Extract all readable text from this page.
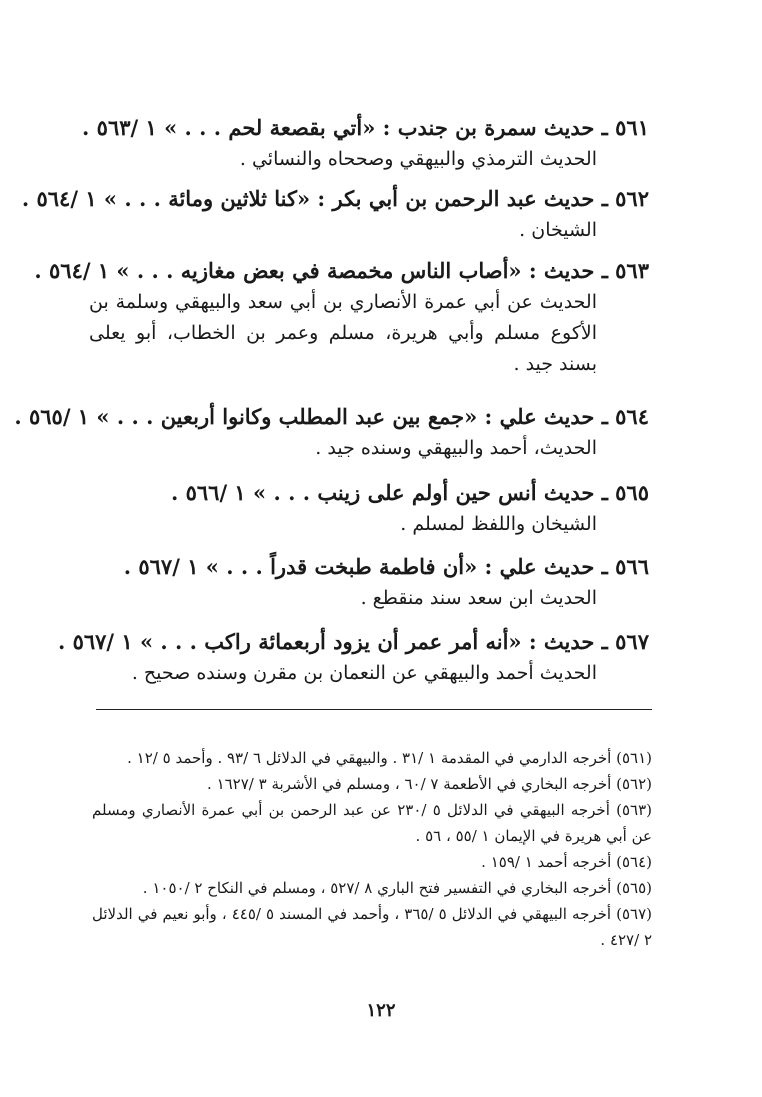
٥٦١ ـ حديث سمرة بن جندب : «أتي بقصعة لحم . . . » ١ /٥٦٣ .
الحديث الترمذي والبيهقي وصححاه والنسائي .
٥٦٢ ـ حديث عبد الرحمن بن أبي بكر : «كنا ثلاثين ومائة . . . » ١ /٥٦٤ .
الشيخان .
٥٦٣ ـ حديث : «أصاب الناس مخمصة في بعض مغازيه . . . » ١ /٥٦٤ .
الحديث عن أبي عمرة الأنصاري بن أبي سعد والبيهقي وسلمة بن الأكوع مسلم وأبي هريرة، مسلم وعمر بن الخطاب، أبو يعلى بسند جيد .
٥٦٤ ـ حديث علي : «جمع بين عبد المطلب وكانوا أربعين . . . » ١ /٥٦٥ .
الحديث، أحمد والبيهقي وسنده جيد .
٥٦٥ ـ حديث أنس حين أولم على زينب . . . » ١ /٥٦٦ .
الشيخان واللفظ لمسلم .
٥٦٦ ـ حديث علي : «أن فاطمة طبخت قدراً . . . » ١ /٥٦٧ .
الحديث ابن سعد سند منقطع .
٥٦٧ ـ حديث : «أنه أمر عمر أن يزود أربعمائة راكب . . . » ١ /٥٦٧ .
الحديث أحمد والبيهقي عن النعمان بن مقرن وسنده صحيح .
(٥٦١) أخرجه الدارمي في المقدمة ١ /٣١ . والبيهقي في الدلائل ٦ /٩٣ . وأحمد ٥ /١٢ .
(٥٦٢) أخرجه البخاري في الأطعمة ٧ /٦٠ ، ومسلم في الأشربة ٣ /١٦٢٧ .
(٥٦٣) أخرجه البيهقي في الدلائل ٥ /٢٣٠ عن عبد الرحمن بن أبي عمرة الأنصاري ومسلم عن أبي هريرة في الإيمان ١ /٥٥ ، ٥٦ .
(٥٦٤) أخرجه أحمد ١ /١٥٩ .
(٥٦٥) أخرجه البخاري في التفسير فتح الباري ٨ /٥٢٧ ، ومسلم في النكاح ٢ /١٠٥٠ .
(٥٦٧) أخرجه البيهقي في الدلائل ٥ /٣٦٥ ، وأحمد في المسند ٥ /٤٤٥ ، وأبو نعيم في الدلائل ٢ /٤٢٧ .
١٢٢
